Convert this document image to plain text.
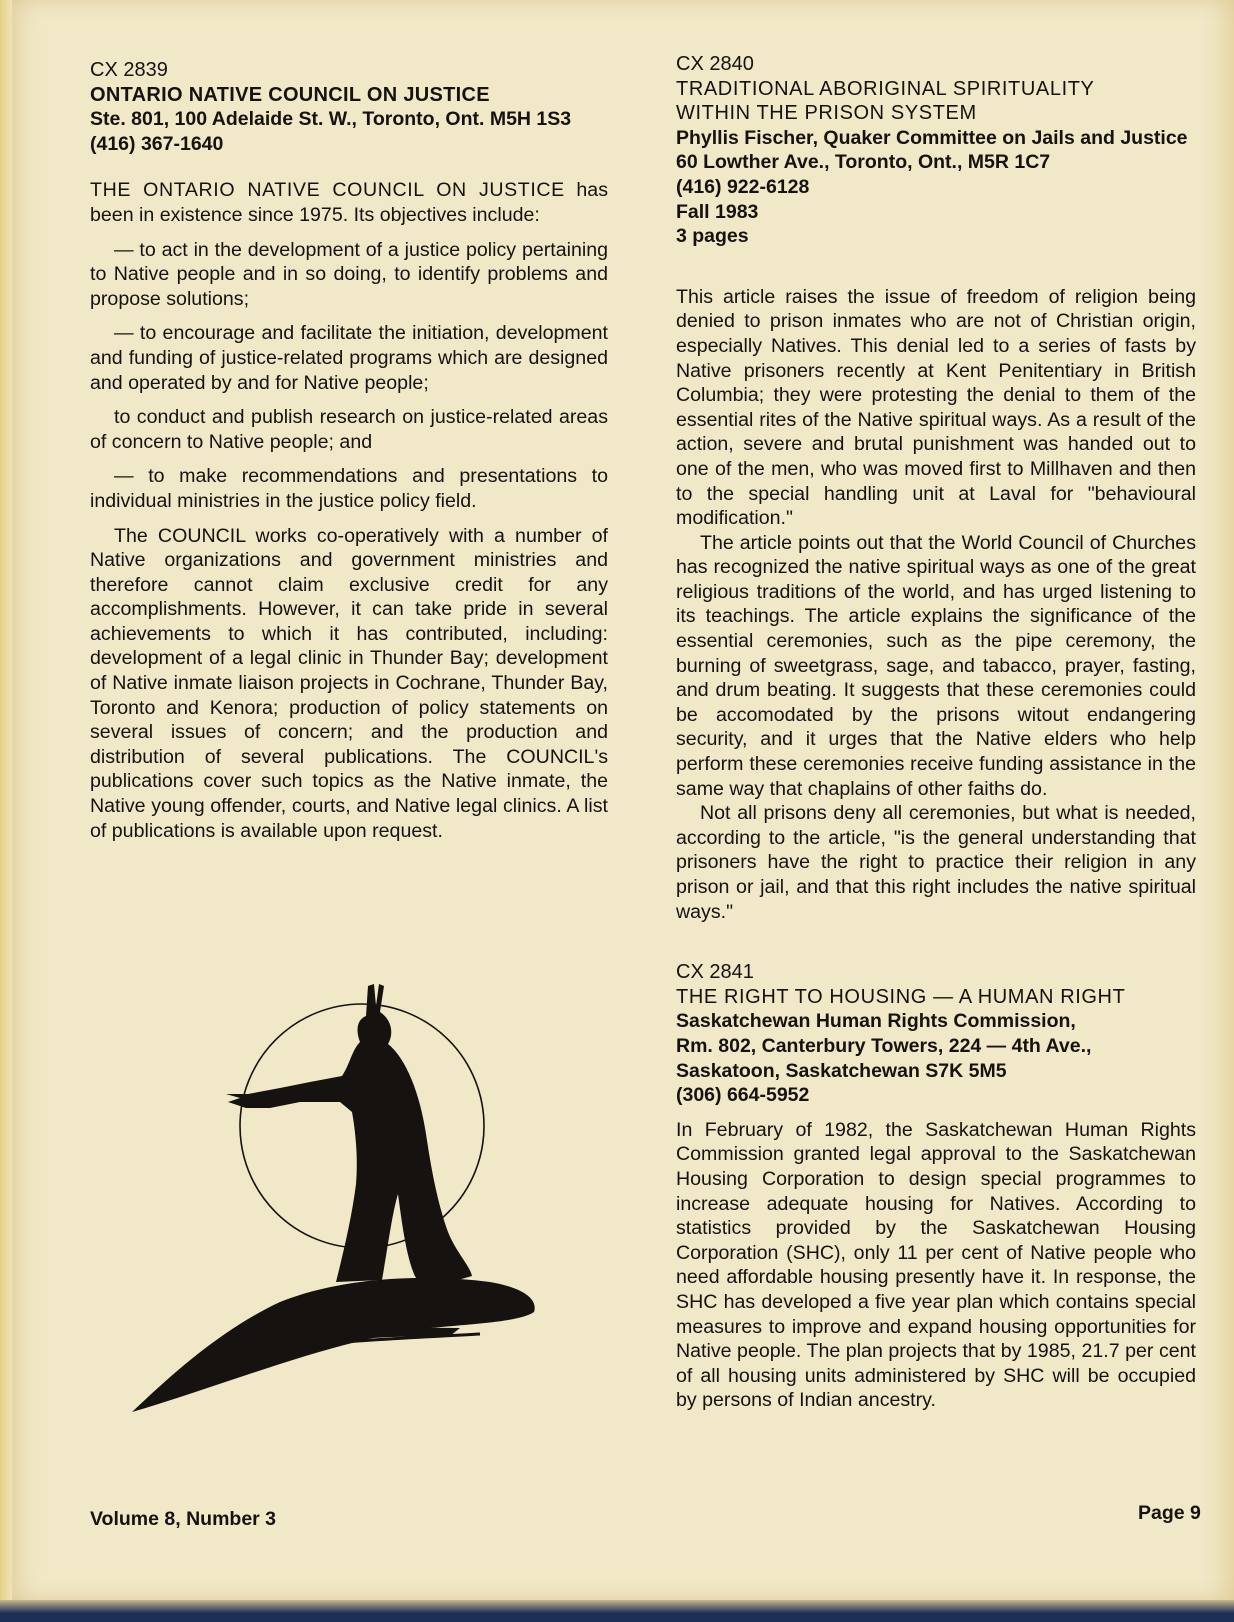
CX 2839
ONTARIO NATIVE COUNCIL ON JUSTICE
Ste. 801, 100 Adelaide St. W., Toronto, Ont. M5H 1S3
(416) 367-1640

THE ONTARIO NATIVE COUNCIL ON JUSTICE has been in existence since 1975. Its objectives include:

— to act in the development of a justice policy pertaining to Native people and in so doing, to identify problems and propose solutions;

— to encourage and facilitate the initiation, development and funding of justice-related programs which are designed and operated by and for Native people;

to conduct and publish research on justice-related areas of concern to Native people; and

— to make recommendations and presentations to individual ministries in the justice policy field.

The COUNCIL works co-operatively with a number of Native organizations and government ministries and therefore cannot claim exclusive credit for any accomplishments. However, it can take pride in several achievements to which it has contributed, including: development of a legal clinic in Thunder Bay; development of Native inmate liaison projects in Cochrane, Thunder Bay, Toronto and Kenora; production of policy statements on several issues of concern; and the production and distribution of several publications. The COUNCIL's publications cover such topics as the Native inmate, the Native young offender, courts, and Native legal clinics. A list of publications is available upon request.

~
CX 2840
TRADITIONAL ABORIGINAL SPIRITUALITY
WITHIN THE PRISON SYSTEM
Phyllis Fischer, Quaker Committee on Jails and Justice
60 Lowther Ave., Toronto, Ont., M5R 1C7
(416) 922-6128
Fall 1983
3 pages

This article raises the issue of freedom of religion being denied to prison inmates who are not of Christian origin, especially Natives. This denial led to a series of fasts by Native prisoners recently at Kent Penitentiary in British Columbia; they were protesting the denial to them of the essential rites of the Native spiritual ways. As a result of the action, severe and brutal punishment was handed out to one of the men, who was moved first to Millhaven and then to the special handling unit at Laval for "behavioural modification."

The article points out that the World Council of Churches has recognized the native spiritual ways as one of the great religious traditions of the world, and has urged listening to its teachings. The article explains the significance of the essential ceremonies, such as the pipe ceremony, the burning of sweetgrass, sage, and tabacco, prayer, fasting, and drum beating. It suggests that these ceremonies could be accomodated by the prisons witout endangering security, and it urges that the Native elders who help perform these ceremonies receive funding assistance in the same way that chaplains of other faiths do.

Not all prisons deny all ceremonies, but what is needed, according to the article, "is the general understanding that prisoners have the right to practice their religion in any prison or jail, and that this right includes the native spiritual ways."

CX 2841
THE RIGHT TO HOUSING — A HUMAN RIGHT
Saskatchewan Human Rights Commission,
Rm. 802, Canterbury Towers, 224 — 4th Ave.,
Saskatoon, Saskatchewan S7K 5M5
(306) 664-5952

In February of 1982, the Saskatchewan Human Rights Commission granted legal approval to the Saskatchewan Housing Corporation to design special programmes to increase adequate housing for Natives. According to statistics provided by the Saskatchewan Housing Corporation (SHC), only 11 per cent of Native people who need affordable housing presently have it. In response, the SHC has developed a five year plan which contains special measures to improve and expand housing opportunities for Native people. The plan projects that by 1985, 21.7 per cent of all housing units administered by SHC will be occupied by persons of Indian ancestry.

Volume 8, Number 3	Page 9
